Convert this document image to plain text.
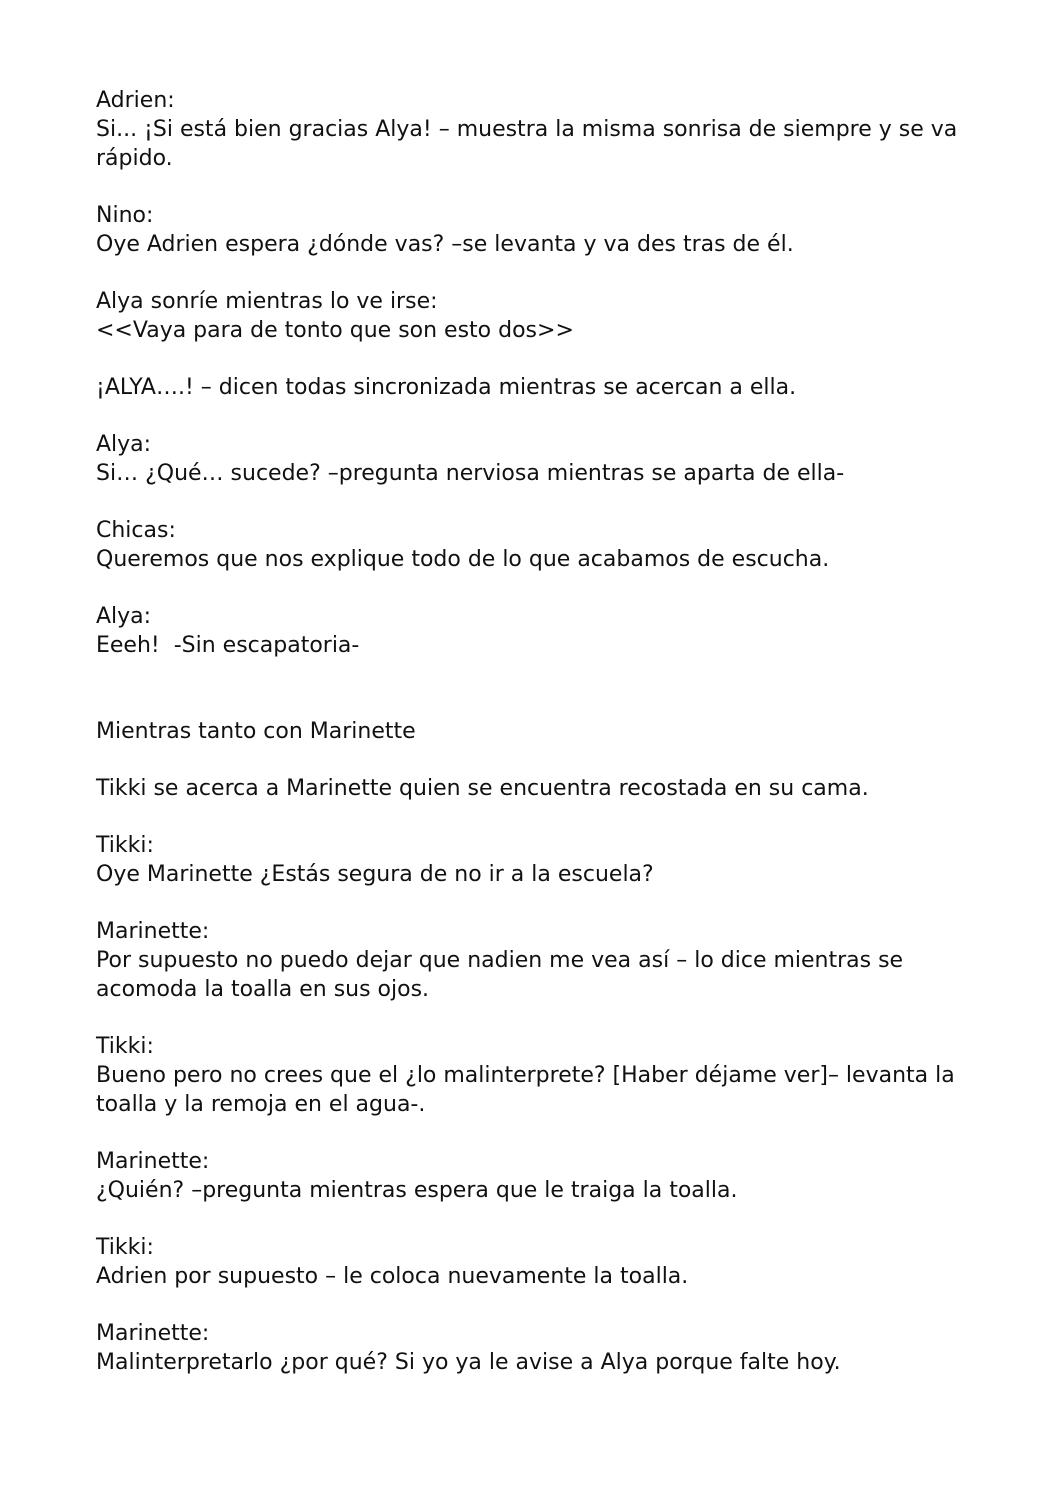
Adrien:
Si... ¡Si está bien gracias Alya! – muestra la misma sonrisa de siempre y se va
rápido.
Nino:
Oye Adrien espera ¿dónde vas? –se levanta y va des tras de él.
Alya sonríe mientras lo ve irse:
<<Vaya para de tonto que son esto dos>>
¡ALYA….! – dicen todas sincronizada mientras se acercan a ella.
Alya:
Si… ¿Qué… sucede? –pregunta nerviosa mientras se aparta de ella-
Chicas:
Queremos que nos explique todo de lo que acabamos de escucha.
Alya:
Eeeh!  -Sin escapatoria-
Mientras tanto con Marinette
Tikki se acerca a Marinette quien se encuentra recostada en su cama.
Tikki:
Oye Marinette ¿Estás segura de no ir a la escuela?
Marinette:
Por supuesto no puedo dejar que nadien me vea así – lo dice mientras se
acomoda la toalla en sus ojos.
Tikki:
Bueno pero no crees que el ¿lo malinterprete? [Haber déjame ver]– levanta la
toalla y la remoja en el agua-.
Marinette:
¿Quién? –pregunta mientras espera que le traiga la toalla.
Tikki:
Adrien por supuesto – le coloca nuevamente la toalla.
Marinette:
Malinterpretarlo ¿por qué? Si yo ya le avise a Alya porque falte hoy.
